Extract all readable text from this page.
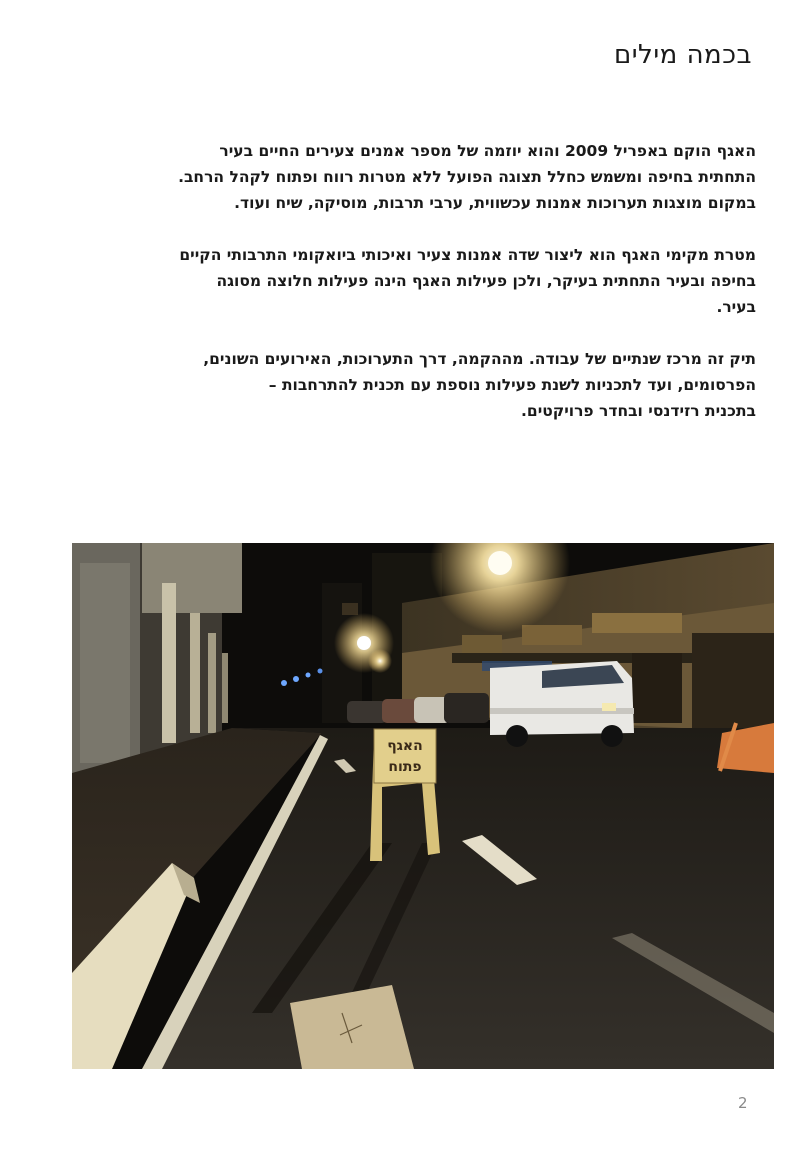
בכמה מילים

האגף הוקם באפריל 2009 והוא יוזמה של מספר אמנים צעירים החיים בעיר
התחתית בחיפה ומשמש כחלל תצוגה הפועל ללא מטרות רווח ופתוח לקהל הרחב.
במקום מוצגות תערוכות אמנות עכשווית, ערבי תרבות, מוסיקה, שיח ועוד.

מטרת מקימי האגף הוא ליצור שדה אמנות צעיר ואיכותי ביואקומי התרבותי הקיים
בחיפה ובעיר התחתית בעיקר, ולכן פעילות האגף הינה פעילות חלוצה מסוגה
בעיר.

תיק זה מרכז שנתיים של עבודה. מההקמה, דרך התערוכות, האירועים השונים,
הפרסומים, ועד לתכניות לשנת פעילות נוספת עם תכנית להתרחבות –
בתכנית רזידנסי ובחדר פרויקטים.

האגף
פתוח
2
